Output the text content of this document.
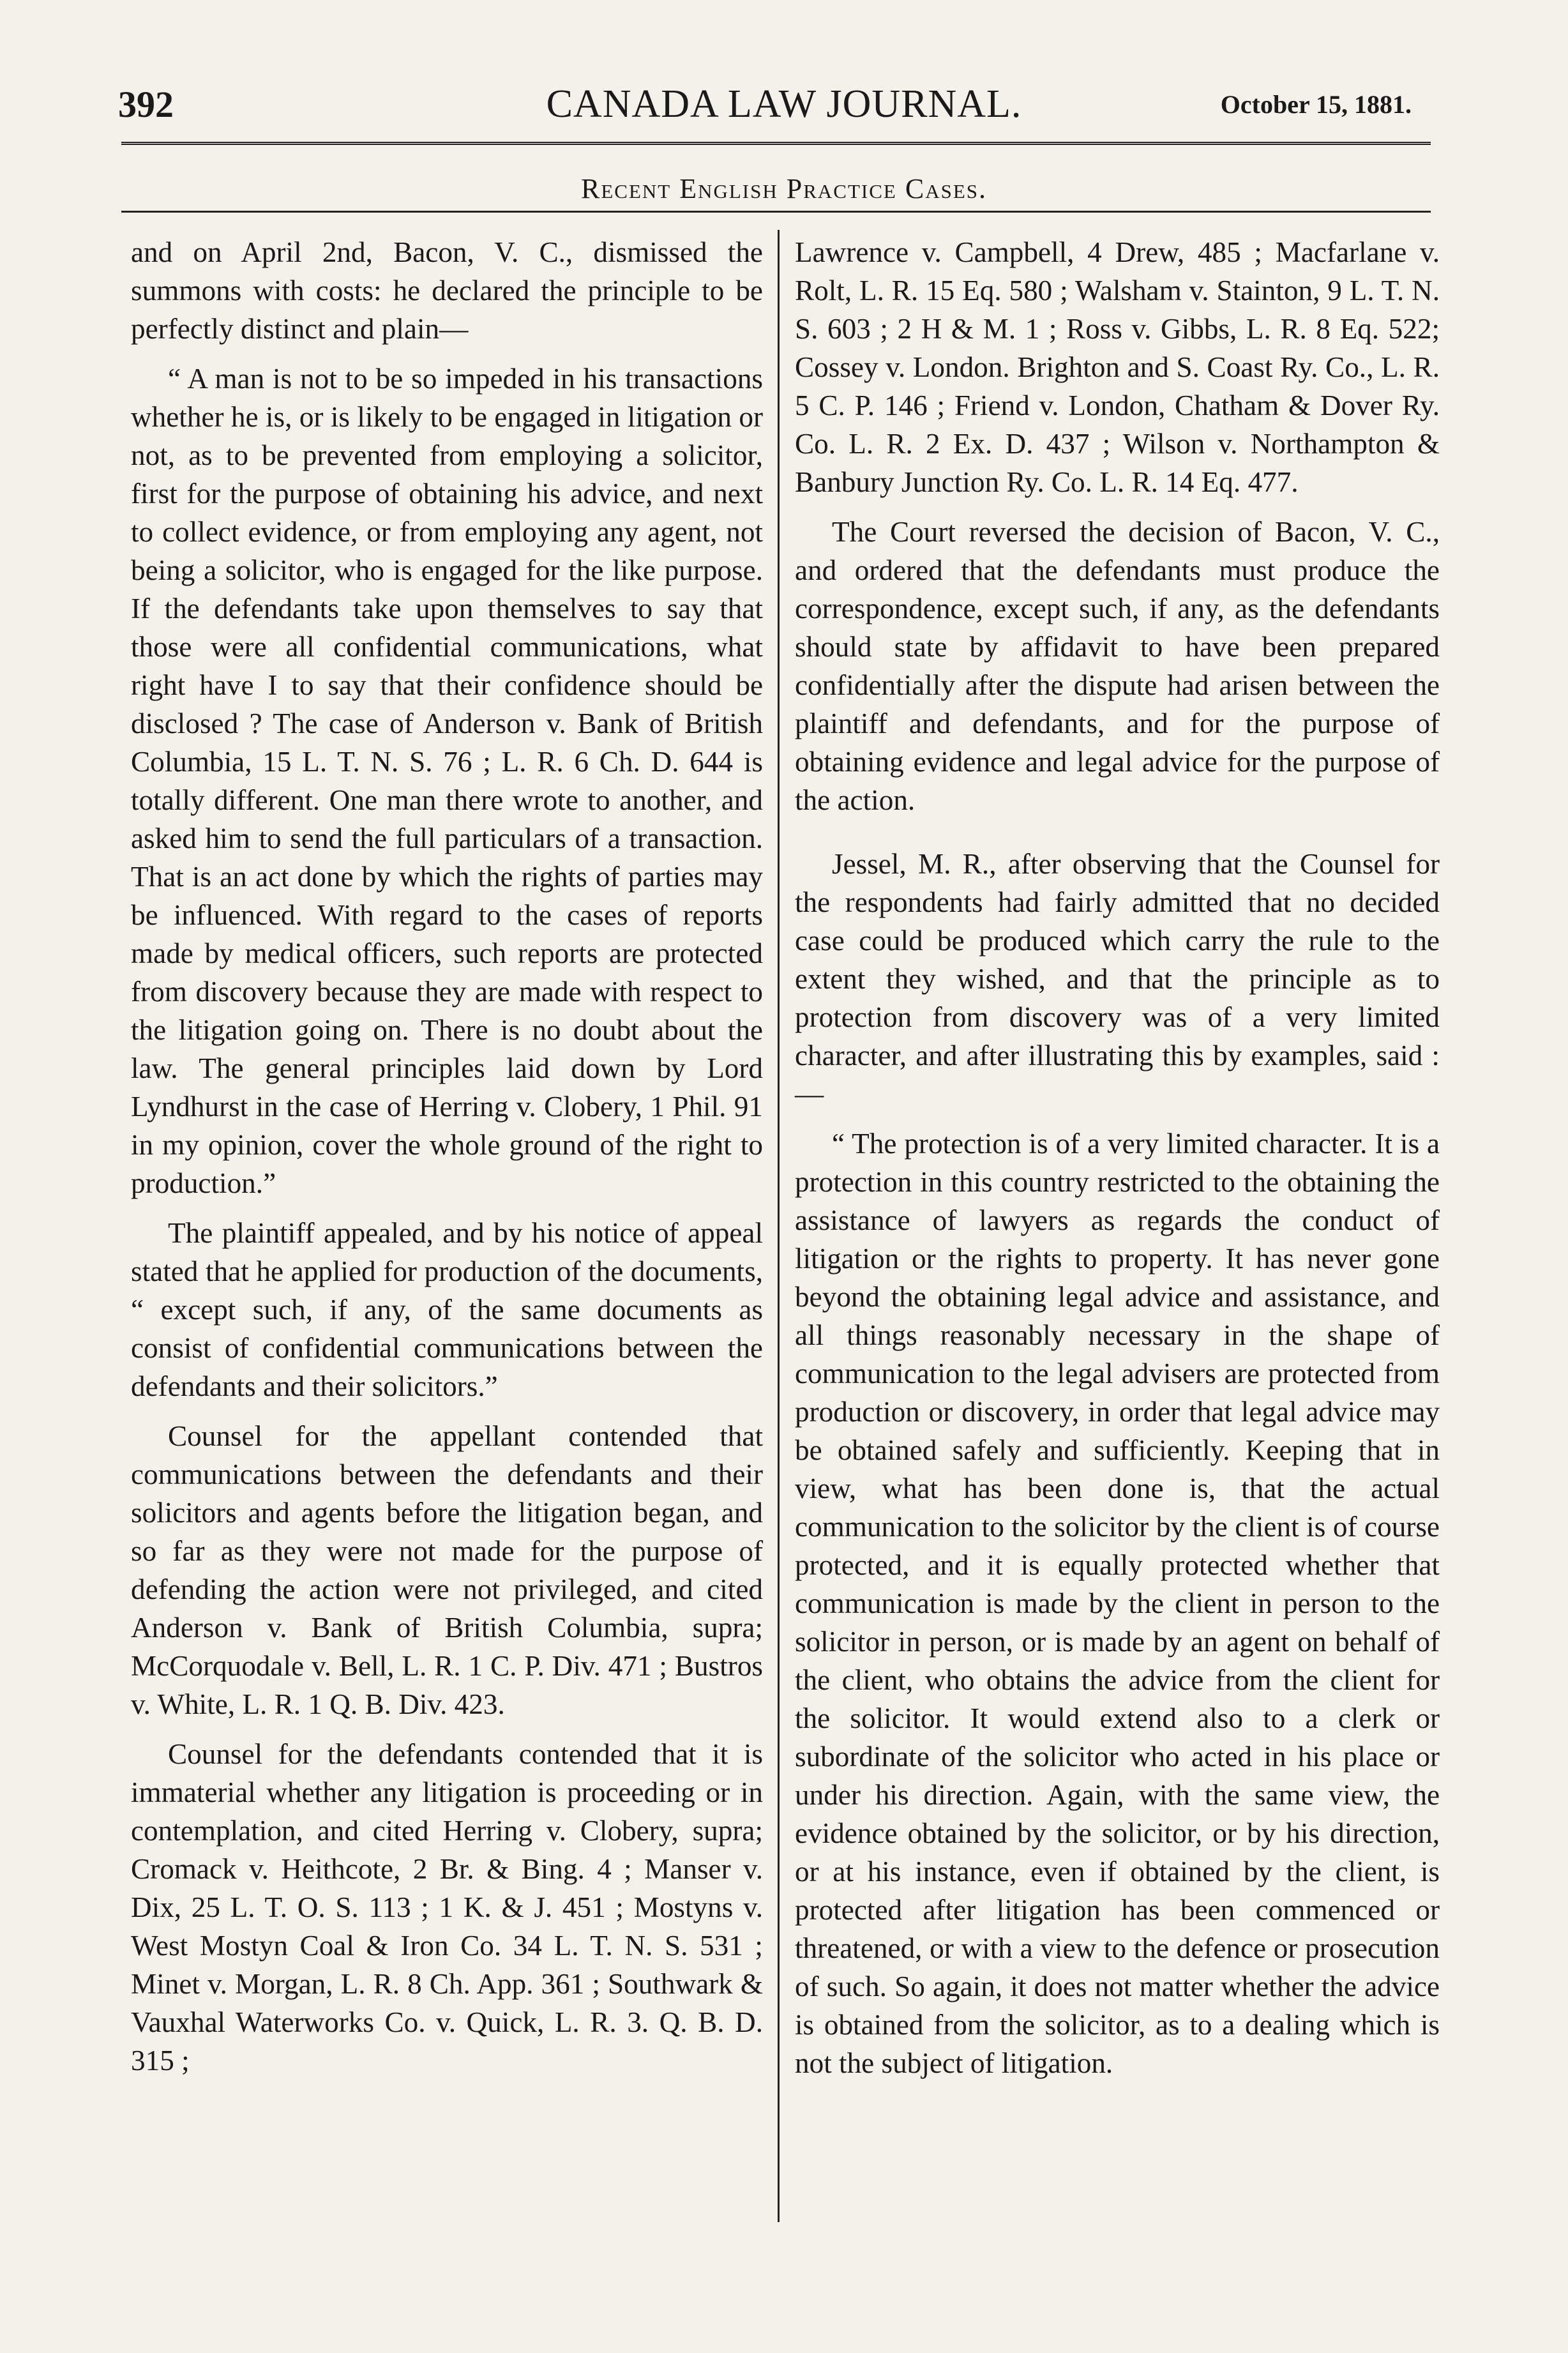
392	CANADA LAW JOURNAL.	October 15, 1881.
Recent English Practice Cases.

and on April 2nd, Bacon, V. C., dismissed the summons with costs: he declared the principle to be perfectly distinct and plain—

“ A man is not to be so impeded in his transactions whether he is, or is likely to be engaged in litigation or not, as to be prevented from employing a solicitor, first for the purpose of obtaining his advice, and next to collect evidence, or from employing any agent, not being a solicitor, who is engaged for the like purpose. If the defendants take upon themselves to say that those were all confidential communications, what right have I to say that their confidence should be disclosed ? The case of Anderson v. Bank of British Columbia, 15 L. T. N. S. 76 ; L. R. 6 Ch. D. 644 is totally different. One man there wrote to another, and asked him to send the full particulars of a transaction. That is an act done by which the rights of parties may be influenced. With regard to the cases of reports made by medical officers, such reports are protected from discovery because they are made with respect to the litigation going on. There is no doubt about the law. The general principles laid down by Lord Lyndhurst in the case of Herring v. Clobery, 1 Phil. 91 in my opinion, cover the whole ground of the right to production.”

The plaintiff appealed, and by his notice of appeal stated that he applied for production of the documents, “ except such, if any, of the same documents as consist of confidential communications between the defendants and their solicitors.”

Counsel for the appellant contended that communications between the defendants and their solicitors and agents before the litigation began, and so far as they were not made for the purpose of defending the action were not privileged, and cited Anderson v. Bank of British Columbia, supra; McCorquodale v. Bell, L. R. 1 C. P. Div. 471 ; Bustros v. White, L. R. 1 Q. B. Div. 423.

Counsel for the defendants contended that it is immaterial whether any litigation is proceeding or in contemplation, and cited Herring v. Clobery, supra; Cromack v. Heithcote, 2 Br. & Bing. 4 ; Manser v. Dix, 25 L. T. O. S. 113 ; 1 K. & J. 451 ; Mostyns v. West Mostyn Coal & Iron Co. 34 L. T. N. S. 531 ; Minet v. Morgan, L. R. 8 Ch. App. 361 ; Southwark & Vauxhal Waterworks Co. v. Quick, L. R. 3. Q. B. D. 315 ;

Lawrence v. Campbell, 4 Drew, 485 ; Macfarlane v. Rolt, L. R. 15 Eq. 580 ; Walsham v. Stainton, 9 L. T. N. S. 603 ; 2 H & M. 1 ; Ross v. Gibbs, L. R. 8 Eq. 522; Cossey v. London. Brighton and S. Coast Ry. Co., L. R. 5 C. P. 146 ; Friend v. London, Chatham & Dover Ry. Co. L. R. 2 Ex. D. 437 ; Wilson v. Northampton & Banbury Junction Ry. Co. L. R. 14 Eq. 477.

The Court reversed the decision of Bacon, V. C., and ordered that the defendants must produce the correspondence, except such, if any, as the defendants should state by affidavit to have been prepared confidentially after the dispute had arisen between the plaintiff and defendants, and for the purpose of obtaining evidence and legal advice for the purpose of the action.

Jessel, M. R., after observing that the Counsel for the respondents had fairly admitted that no decided case could be produced which carry the rule to the extent they wished, and that the principle as to protection from discovery was of a very limited character, and after illustrating this by examples, said :—

“ The protection is of a very limited character. It is a protection in this country restricted to the obtaining the assistance of lawyers as regards the conduct of litigation or the rights to property. It has never gone beyond the obtaining legal advice and assistance, and all things reasonably necessary in the shape of communication to the legal advisers are protected from production or discovery, in order that legal advice may be obtained safely and sufficiently. Keeping that in view, what has been done is, that the actual communication to the solicitor by the client is of course protected, and it is equally protected whether that communication is made by the client in person to the solicitor in person, or is made by an agent on behalf of the client, who obtains the advice from the client for the solicitor. It would extend also to a clerk or subordinate of the solicitor who acted in his place or under his direction. Again, with the same view, the evidence obtained by the solicitor, or by his direction, or at his instance, even if obtained by the client, is protected after litigation has been commenced or threatened, or with a view to the defence or prosecution of such. So again, it does not matter whether the advice is obtained from the solicitor, as to a dealing which is not the subject of litigation.
